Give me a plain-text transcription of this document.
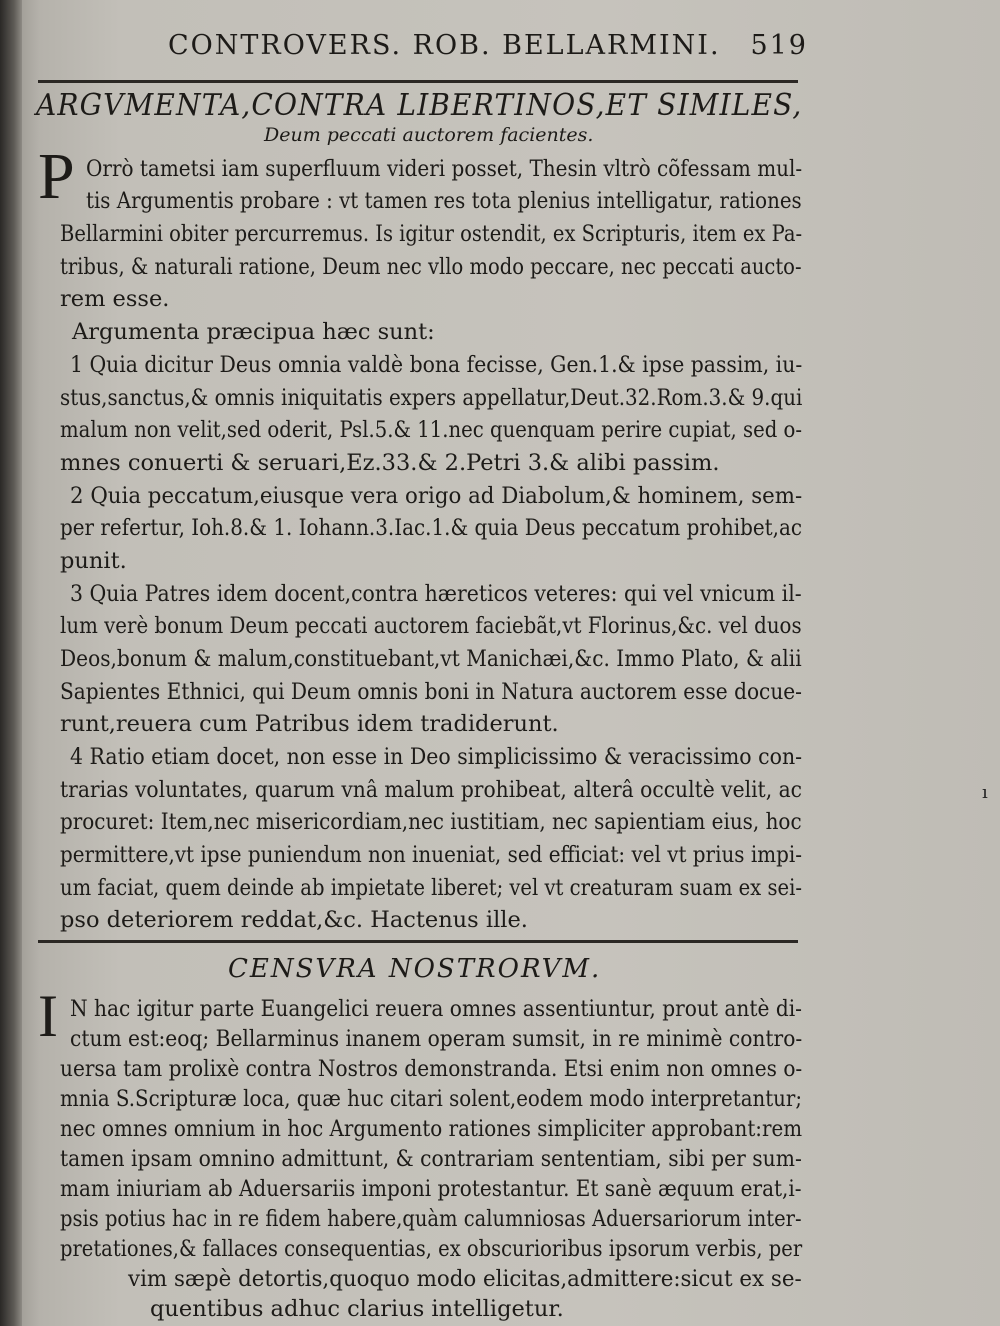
CONTROVERS. ROB. BELLARMINI. 519
ARGVMENTA,CONTRA LIBERTINOS,ET SIMILES,
Deum peccati auctorem facientes.
P Orrò tametsi iam superfluum videri posset, Thesin vltrò cõfessam mul-
tis Argumentis probare : vt tamen res tota plenius intelligatur, rationes
Bellarmini obiter percurremus. Is igitur ostendit, ex Scripturis, item ex Pa-
tribus, & naturali ratione, Deum nec vllo modo peccare, nec peccati aucto-
rem esse.
Argumenta præcipua hæc sunt:
1 Quia dicitur Deus omnia valdè bona fecisse, Gen.1.& ipse passim, iu-
stus,sanctus,& omnis iniquitatis expers appellatur,Deut.32.Rom.3.& 9.qui
malum non velit,sed oderit, Psl.5.& 11.nec quenquam perire cupiat, sed o-
mnes conuerti & seruari,Ez.33.& 2.Petri 3.& alibi passim.
2 Quia peccatum,eiusque vera origo ad Diabolum,& hominem, sem-
per refertur, Ioh.8.& 1. Iohann.3.Iac.1.& quia Deus peccatum prohibet,ac
punit.
3 Quia Patres idem docent,contra hæreticos veteres: qui vel vnicum il-
lum verè bonum Deum peccati auctorem faciebãt,vt Florinus,&c. vel duos
Deos,bonum & malum,constituebant,vt Manichæi,&c. Immo Plato, & alii
Sapientes Ethnici, qui Deum omnis boni in Natura auctorem esse docue-
runt,reuera cum Patribus idem tradiderunt.
4 Ratio etiam docet, non esse in Deo simplicissimo & veracissimo con-
trarias voluntates, quarum vnâ malum prohibeat, alterâ occultè velit, ac
procuret: Item,nec misericordiam,nec iustitiam, nec sapientiam eius, hoc
permittere,vt ipse puniendum non inueniat, sed efficiat: vel vt prius impi-
um faciat, quem deinde ab impietate liberet; vel vt creaturam suam ex sei-
pso deteriorem reddat,&c. Hactenus ille.
CENSVRA NOSTRORVM.
I N hac igitur parte Euangelici reuera omnes assentiuntur, prout antè di-
ctum est:eoq; Bellarminus inanem operam sumsit, in re minimè contro-
uersa tam prolixè contra Nostros demonstranda. Etsi enim non omnes o-
mnia S.Scripturæ loca, quæ huc citari solent,eodem modo interpretantur;
nec omnes omnium in hoc Argumento rationes simpliciter approbant:rem
tamen ipsam omnino admittunt, & contrariam sententiam, sibi per sum-
mam iniuriam ab Aduersariis imponi protestantur. Et sanè æquum erat,i-
psis potius hac in re fidem habere,quàm calumniosas Aduersariorum inter-
pretationes,& fallaces consequentias, ex obscurioribus ipsorum verbis, per
vim sæpè detortis,quoquo modo elicitas,admittere:sicut ex se-
quentibus adhuc clarius intelligetur.
ı
